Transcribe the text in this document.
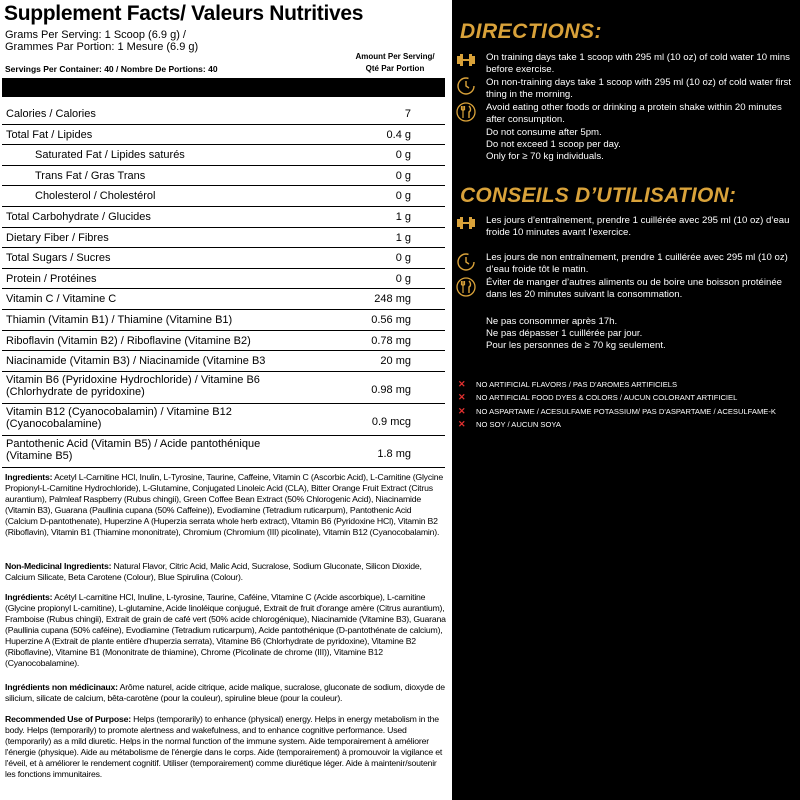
Supplement Facts/ Valeurs Nutritives
Grams Per Serving: 1 Scoop (6.9 g) /
Grammes Par Portion: 1 Mesure (6.9 g)
Servings Per Container: 40 / Nombre De Portions: 40
Amount Per Serving/
Qté Par Portion
Calories / Calories	7
Total Fat / Lipides	0.4 g
Saturated Fat / Lipides saturés	0 g
Trans Fat / Gras Trans	0 g
Cholesterol / Cholestérol	0 g
Total Carbohydrate / Glucides	1 g
Dietary Fiber / Fibres	1 g
Total Sugars / Sucres	0 g
Protein / Protéines	0 g
Vitamin C / Vitamine C	248 mg
Thiamin (Vitamin B1) / Thiamine (Vitamine B1)	0.56 mg
Riboflavin (Vitamin B2) / Riboflavine (Vitamine B2)	0.78 mg
Niacinamide (Vitamin B3) / Niacinamide (Vitamine B3	20 mg
Vitamin B6 (Pyridoxine Hydrochloride) / Vitamine B6 (Chlorhydrate de pyridoxine)	0.98 mg
Vitamin B12 (Cyanocobalamin) / Vitamine B12 (Cyanocobalamine)	0.9 mcg
Pantothenic Acid (Vitamin B5) / Acide pantothénique (Vitamine B5)	1.8 mg
Ingredients: Acetyl L-Carnitine HCl, Inulin, L-Tyrosine, Taurine, Caffeine, Vitamin C (Ascorbic Acid), L-Carnitine (Glycine Propionyl-L-Carnitine Hydrochloride), L-Glutamine, Conjugated Linoleic Acid (CLA), Bitter Orange Fruit Extract (Citrus aurantium), Palmleaf Raspberry (Rubus chingii), Green Coffee Bean Extract (50% Chlorogenic Acid), Niacinamide (Vitamin B3), Guarana (Paullinia cupana (50% Caffeine)), Evodiamine (Tetradium ruticarpum), Pantothenic Acid (Calcium D-pantothenate), Huperzine A (Huperzia serrata whole herb extract), Vitamin B6 (Pyridoxine HCl), Vitamin B2 (Riboflavin), Vitamin B1 (Thiamine mononitrate), Chromium (Chromium (III) picolinate), Vitamin B12 (Cyanocobalamin).
Non-Medicinal Ingredients: Natural Flavor, Citric Acid, Malic Acid, Sucralose, Sodium Gluconate, Silicon Dioxide, Calcium Silicate, Beta Carotene (Colour), Blue Spirulina (Colour).
Ingrédients: Acétyl L-carnitine HCl, Inuline, L-tyrosine, Taurine, Caféine, Vitamine C (Acide ascorbique), L-carnitine (Glycine propionyl L-carnitine), L-glutamine, Acide linoléique conjugué, Extrait de fruit d'orange amère (Citrus aurantium), Framboise (Rubus chingii), Extrait de grain de café vert (50% acide chlorogénique), Niacinamide (Vitamine B3), Guarana (Paullinia cupana (50% caféine), Evodiamine (Tetradium ruticarpum), Acide pantothénique (D-pantothénate de calcium), Huperzine A (Extrait de plante entière d'huperzia serrata), Vitamine B6 (Chlorhydrate de pyridoxine), Vitamine B2 (Riboflavine), Vitamine B1 (Mononitrate de thiamine), Chrome (Picolinate de chrome (III)), Vitamine B12 (Cyanocobalamine).
Ingrédients non médicinaux: Arôme naturel, acide citrique, acide malique, sucralose, gluconate de sodium, dioxyde de silicium, silicate de calcium, bêta-carotène (pour la couleur), spiruline bleue (pour la couleur).
Recommended Use of Purpose: Helps (temporarily) to enhance (physical) energy. Helps in energy metabolism in the body. Helps (temporarily) to promote alertness and wakefulness, and to enhance cognitive performance. Used (temporarily) as a mild diuretic. Helps in the normal function of the immune system. Aide temporairement à améliorer l'énergie (physique). Aide au métabolisme de l'énergie dans le corps. Aide (temporairement) à promouvoir la vigilance et l'éveil, et à améliorer le rendement cognitif. Utiliser (temporairement) comme diurétique léger. Aide à maintenir/soutenir les fonctions immunitaires.
DIRECTIONS:
On training days take 1 scoop with 295 ml (10 oz) of cold water 10 mins before exercise.
On non-training days take 1 scoop with 295 ml (10 oz) of cold water first thing in the morning.
Avoid eating other foods or drinking a protein shake within 20 minutes after consumption.
Do not consume after 5pm.
Do not exceed 1 scoop per day.
Only for ≥ 70 kg individuals.
CONSEILS D’UTILISATION:
Les jours d’entraînement, prendre 1 cuillérée avec 295 ml (10 oz) d’eau froide 10 minutes avant l’exercice.
Les jours de non entraînement, prendre 1 cuillérée avec 295 ml (10 oz) d’eau froide tôt le matin.
Éviter de manger d’autres aliments ou de boire une boisson protéinée dans les 20 minutes suivant la consommation.
Ne pas consommer après 17h.
Ne pas dépasser 1 cuillérée par jour.
Pour les personnes de ≥ 70 kg seulement.
✕ NO ARTIFICIAL FLAVORS / PAS D'AROMES ARTIFICIELS
✕ NO ARTIFICIAL FOOD DYES & COLORS / AUCUN COLORANT ARTIFICIEL
✕ NO ASPARTAME / ACESULFAME POTASSIUM/ PAS D'ASPARTAME / ACESULFAME-K
✕ NO SOY / AUCUN SOYA
